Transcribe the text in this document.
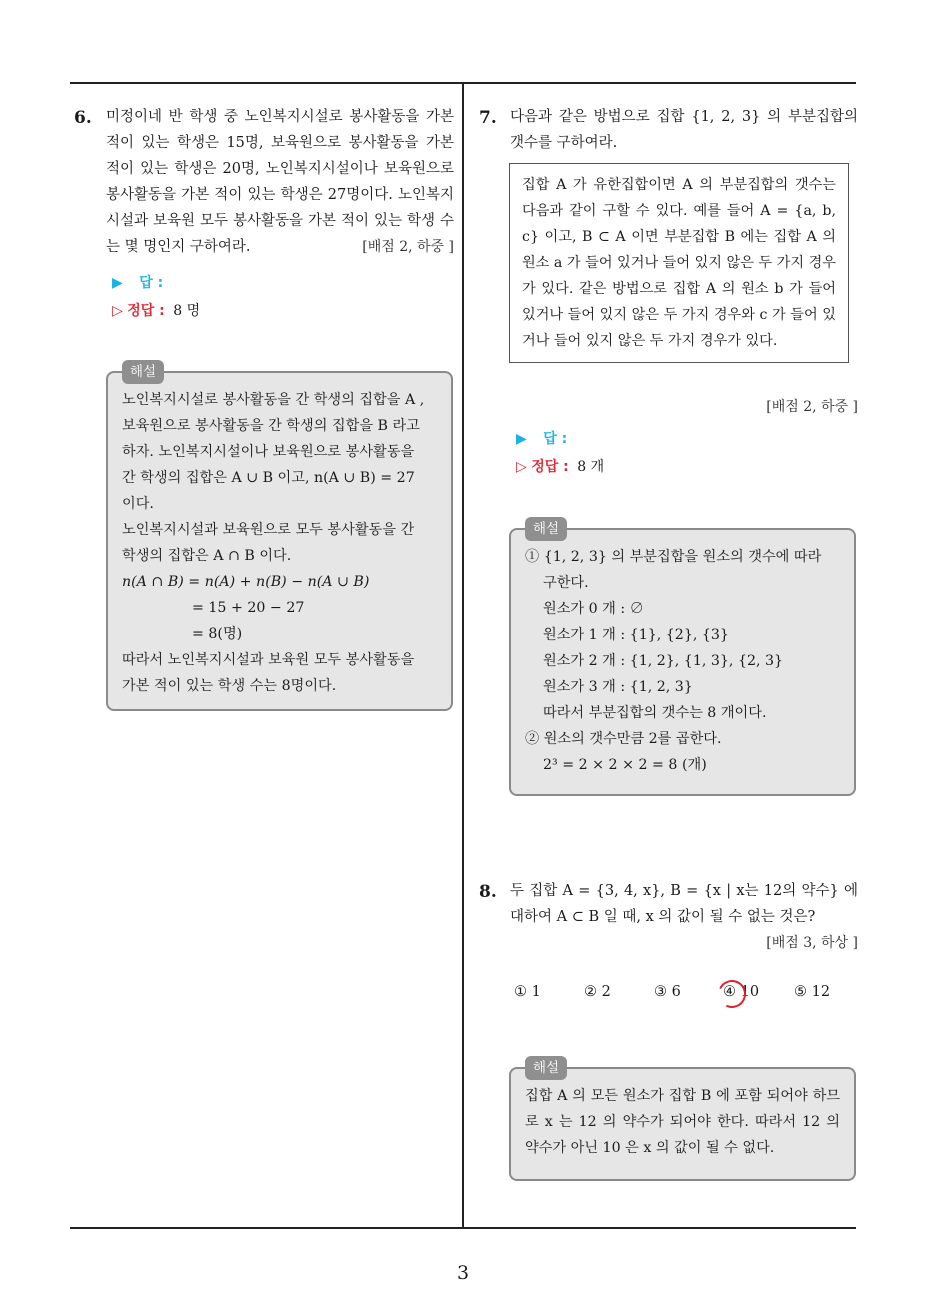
6. 미정이네 반 학생 중 노인복지시설로 봉사활동을 가본 적이 있는 학생은 15명, 보육원으로 봉사활동을 가본 적이 있는 학생은 20명, 노인복지시설이나 보육원으로 봉사활동을 가본 적이 있는 학생은 27명이다. 노인복지시설과 보육원 모두 봉사활동을 가본 적이 있는 학생 수는 몇 명인지 구하여라.	[배점 2, 하중 ]
▶ 답 :
▷ 정답 : 8 명
해설
노인복지시설로 봉사활동을 간 학생의 집합을 A ,
보육원으로 봉사활동을 간 학생의 집합을 B 라고
하자. 노인복지시설이나 보육원으로 봉사활동을
간 학생의 집합은 A ∪ B 이고, n(A ∪ B) = 27
이다.
노인복지시설과 보육원으로 모두 봉사활동을 간
학생의 집합은 A ∩ B 이다.
n(A ∩ B) = n(A) + n(B) − n(A ∪ B)
= 15 + 20 − 27
= 8(명)
따라서 노인복지시설과 보육원 모두 봉사활동을
가본 적이 있는 학생 수는 8명이다.
7. 다음과 같은 방법으로 집합 {1, 2, 3} 의 부분집합의 갯수를 구하여라.
집합 A 가 유한집합이면 A 의 부분집합의 갯수는 다음과 같이 구할 수 있다. 예를 들어 A = {a, b, c} 이고, B ⊂ A 이면 부분집합 B 에는 집합 A 의 원소 a 가 들어 있거나 들어 있지 않은 두 가지 경우가 있다. 같은 방법으로 집합 A 의 원소 b 가 들어 있거나 들어 있지 않은 두 가지 경우와 c 가 들어 있거나 들어 있지 않은 두 가지 경우가 있다.
[배점 2, 하중 ]
▶ 답 :
▷ 정답 : 8 개
해설
① {1, 2, 3} 의 부분집합을 원소의 갯수에 따라
구한다.
원소가 0 개 : ∅
원소가 1 개 : {1}, {2}, {3}
원소가 2 개 : {1, 2}, {1, 3}, {2, 3}
원소가 3 개 : {1, 2, 3}
따라서 부분집합의 갯수는 8 개이다.
② 원소의 갯수만큼 2를 곱한다.
2³ = 2 × 2 × 2 = 8 (개)
8. 두 집합 A = {3, 4, x}, B = {x | x는 12의 약수} 에 대하여 A ⊂ B 일 때, x 의 값이 될 수 없는 것은?
[배점 3, 하상 ]
① 1	② 2	③ 6	④ 10 ⑤ 12
해설
집합 A 의 모든 원소가 집합 B 에 포함 되어야 하므로 x 는 12 의 약수가 되어야 한다. 따라서 12 의 약수가 아닌 10 은 x 의 값이 될 수 없다.
3
